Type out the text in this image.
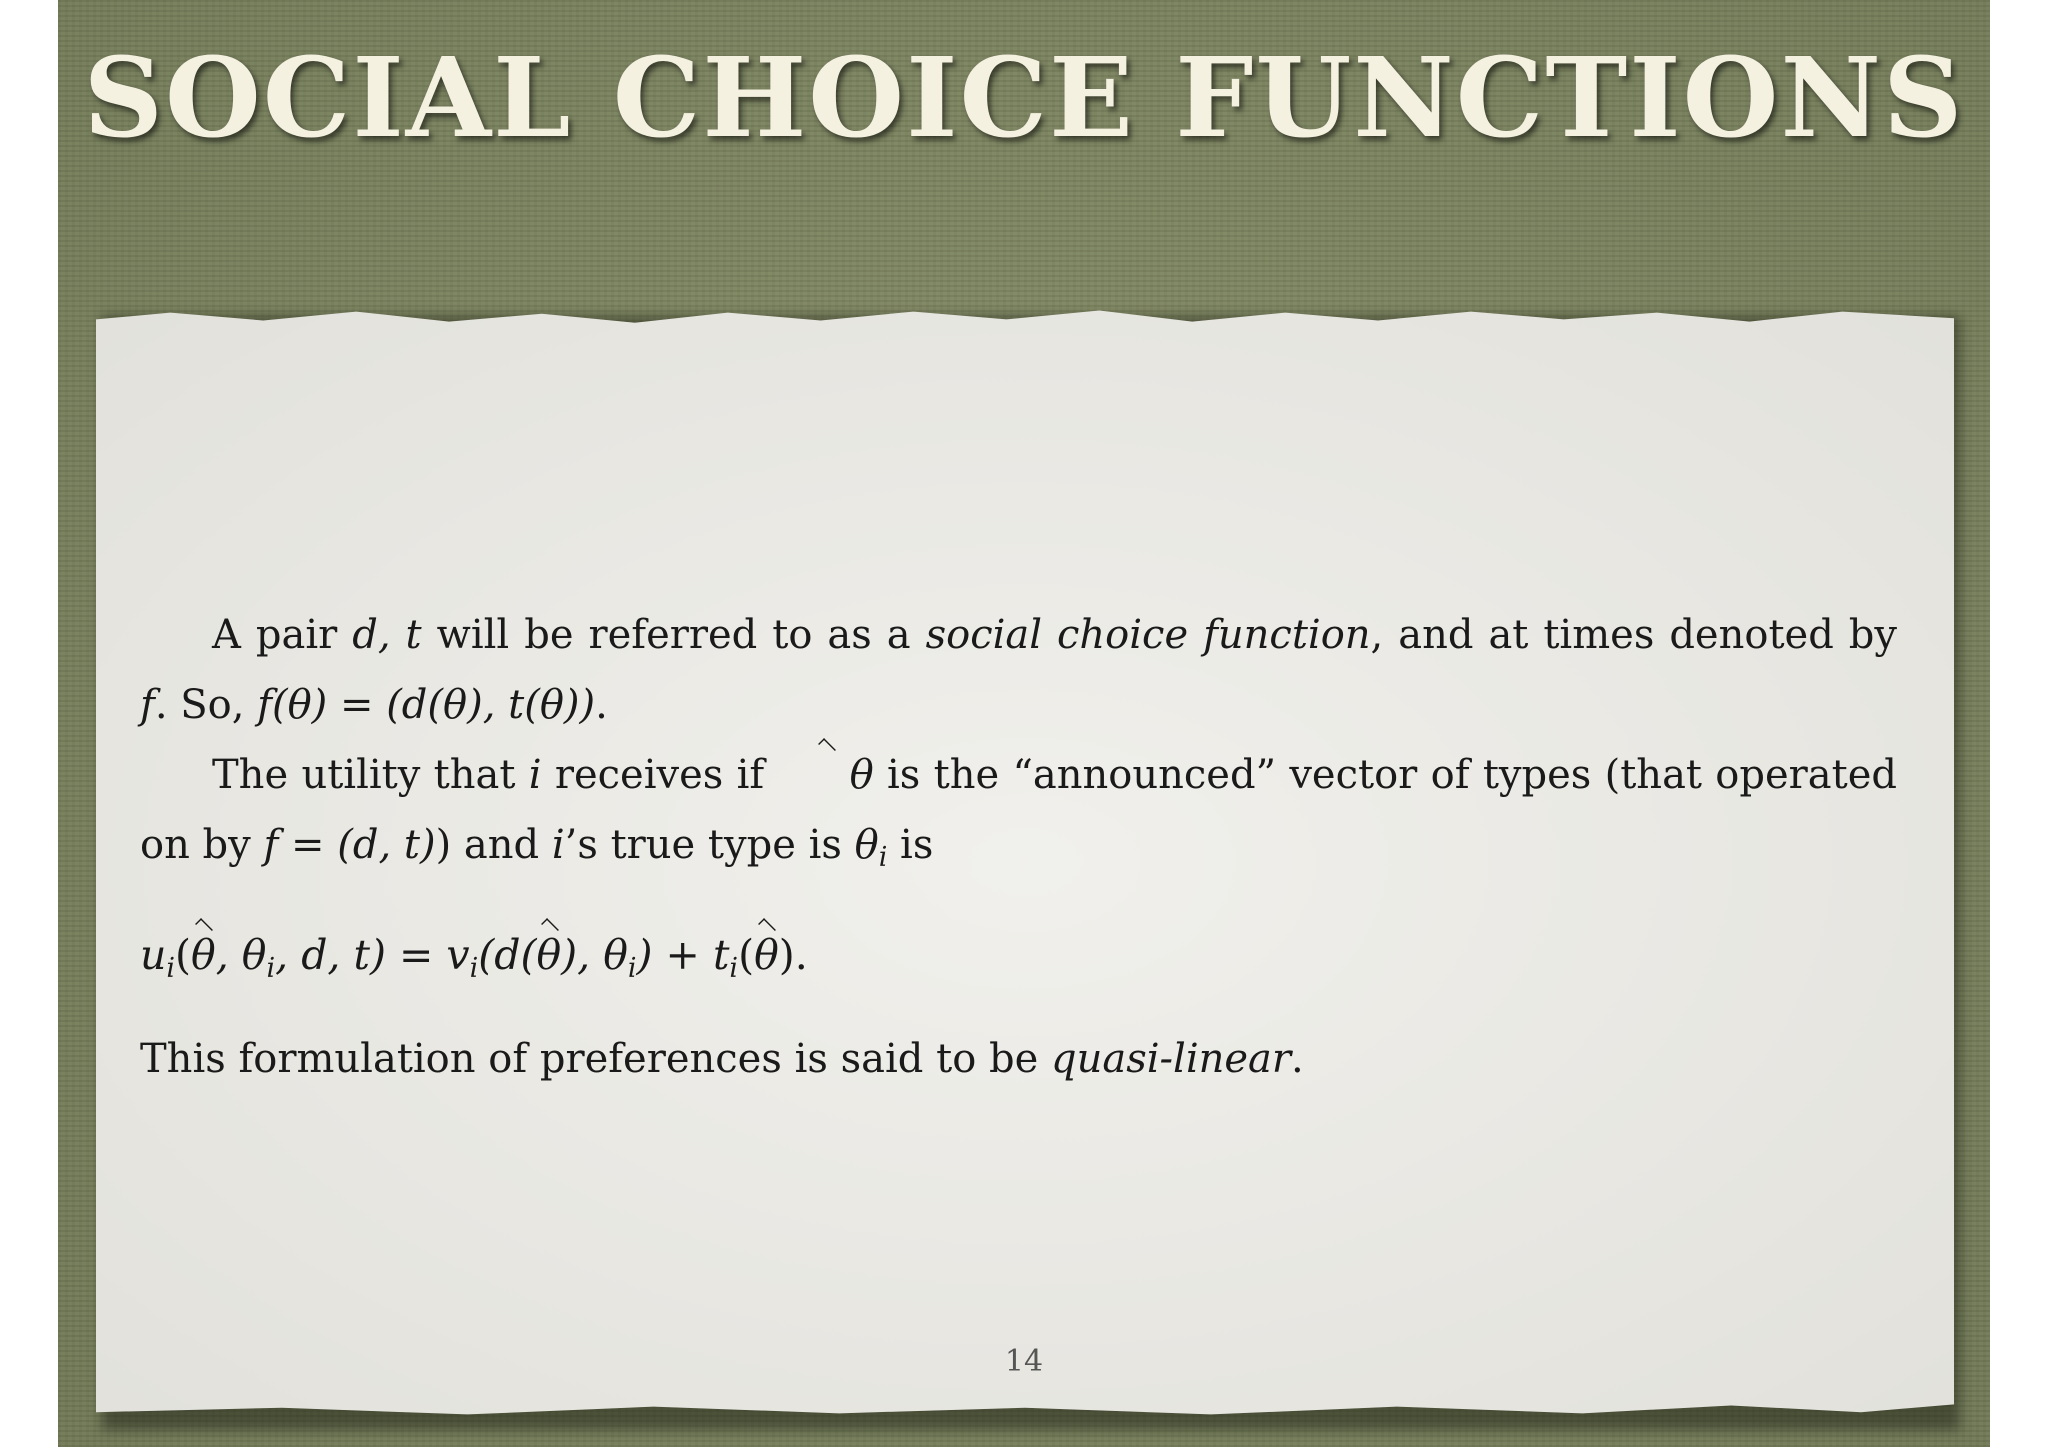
SOCIAL CHOICE FUNCTIONS

A pair d, t will be referred to as a social choice function, and at times denoted by f. So, f(θ) = (d(θ), t(θ)).

The utility that i receives if θ is the “announced” vector of types (that operated on by f = (d, t)) and i’s true type is $\theta_i$ is

$u_i(\theta$, $\theta_i$, d, $t) = v_i(d(\theta)$, $\theta_i) + t_i(\theta)$.

This formulation of preferences is said to be quasi-linear.

14
